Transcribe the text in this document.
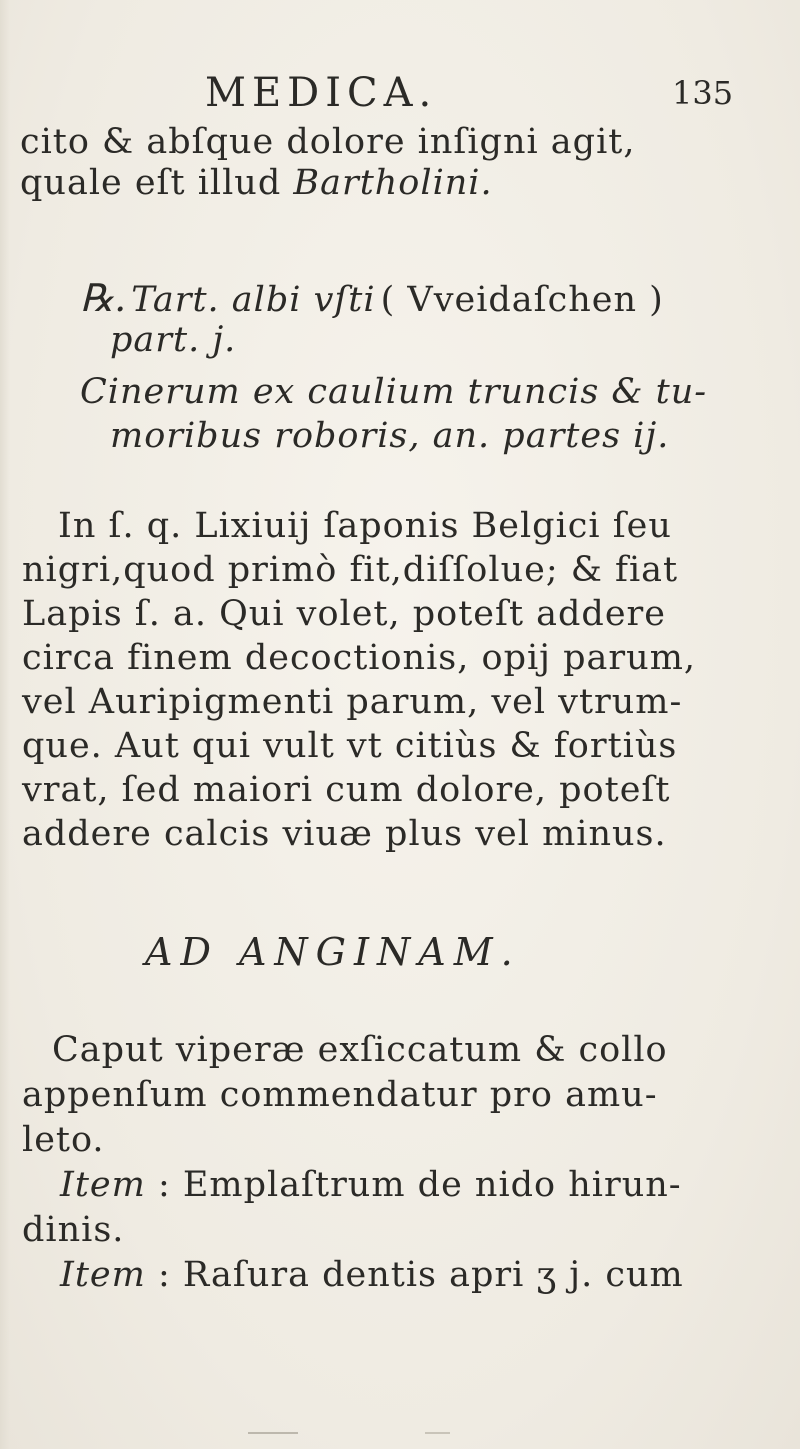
MEDICA.	135
cito & abſque dolore inſigni agit,
quale eſt illud Bartholini.
℞. Tart. albi vſti ( Vveidaſchen )
part. j.
Cinerum ex caulium truncis & tu-
moribus roboris, an. partes ij.
In ſ. q. Lixiuij ſaponis Belgici ſeu
nigri,quod primò fit,diſſolue; & fiat
Lapis ſ. a. Qui volet, poteſt addere
circa finem decoctionis, opij parum,
vel Auripigmenti parum, vel vtrum-
que. Aut qui vult vt citiùs & fortiùs
vrat, ſed maiori cum dolore, poteſt
addere calcis viuæ plus vel minus.
AD ANGINAM.
Caput viperæ exſiccatum & collo
appenſum commendatur pro amu-
leto.
Item : Emplaſtrum de nido hirun-
dinis.
Item : Raſura dentis apri ʒ j. cum
